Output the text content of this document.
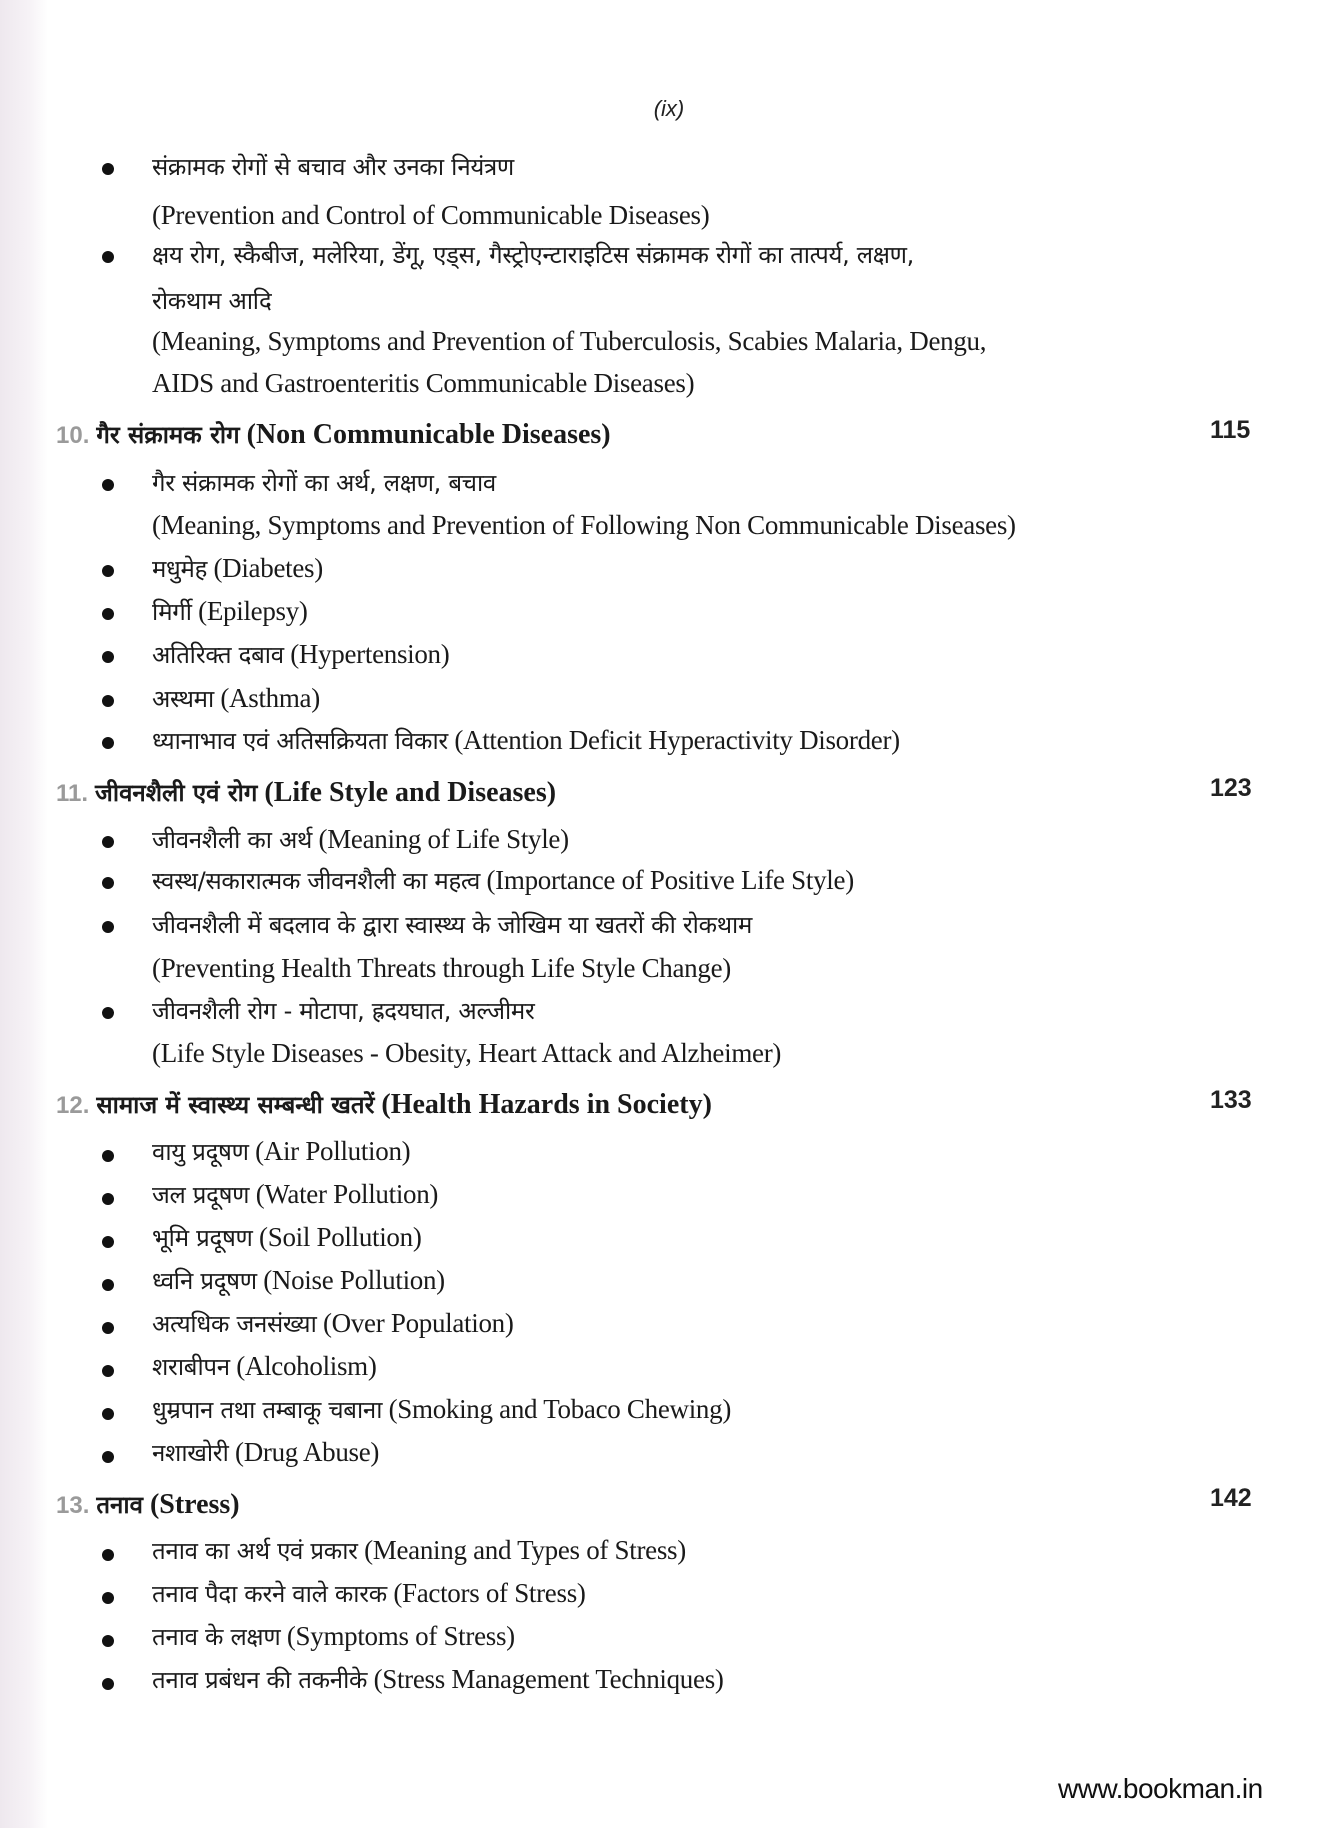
(ix)
संक्रामक रोगों से बचाव और उनका नियंत्रण
(Prevention and Control of Communicable Diseases)
क्षय रोग, स्कैबीज, मलेरिया, डेंगू, एड्स, गैस्ट्रोएन्टाराइटिस संक्रामक रोगों का तात्पर्य, लक्षण,
रोकथाम आदि
(Meaning, Symptoms and Prevention of Tuberculosis, Scabies Malaria, Dengu,
AIDS and Gastroenteritis Communicable Diseases)
10. गैर संक्रामक रोग (Non Communicable Diseases)	115
गैर संक्रामक रोगों का अर्थ, लक्षण, बचाव
(Meaning, Symptoms and Prevention of Following Non Communicable Diseases)
मधुमेह (Diabetes)
मिर्गी (Epilepsy)
अतिरिक्त दबाव (Hypertension)
अस्थमा (Asthma)
ध्यानाभाव एवं अतिसक्रियता विकार (Attention Deficit Hyperactivity Disorder)
11. जीवनशैली एवं रोग (Life Style and Diseases)	123
जीवनशैली का अर्थ (Meaning of Life Style)
स्वस्थ/सकारात्मक जीवनशैली का महत्व (Importance of Positive Life Style)
जीवनशैली में बदलाव के द्वारा स्वास्थ्य के जोखिम या खतरों की रोकथाम
(Preventing Health Threats through Life Style Change)
जीवनशैली रोग - मोटापा, ह्रदयघात, अल्जीमर
(Life Style Diseases - Obesity, Heart Attack and Alzheimer)
12. सामाज में स्वास्थ्य सम्बन्धी खतरें (Health Hazards in Society)	133
वायु प्रदूषण (Air Pollution)
जल प्रदूषण (Water Pollution)
भूमि प्रदूषण (Soil Pollution)
ध्वनि प्रदूषण (Noise Pollution)
अत्यधिक जनसंख्या (Over Population)
शराबीपन (Alcoholism)
धुम्रपान तथा तम्बाकू चबाना (Smoking and Tobaco Chewing)
नशाखोरी (Drug Abuse)
13. तनाव (Stress)	142
तनाव का अर्थ एवं प्रकार (Meaning and Types of Stress)
तनाव पैदा करने वाले कारक (Factors of Stress)
तनाव के लक्षण (Symptoms of Stress)
तनाव प्रबंधन की तकनीके (Stress Management Techniques)
www.bookman.in
